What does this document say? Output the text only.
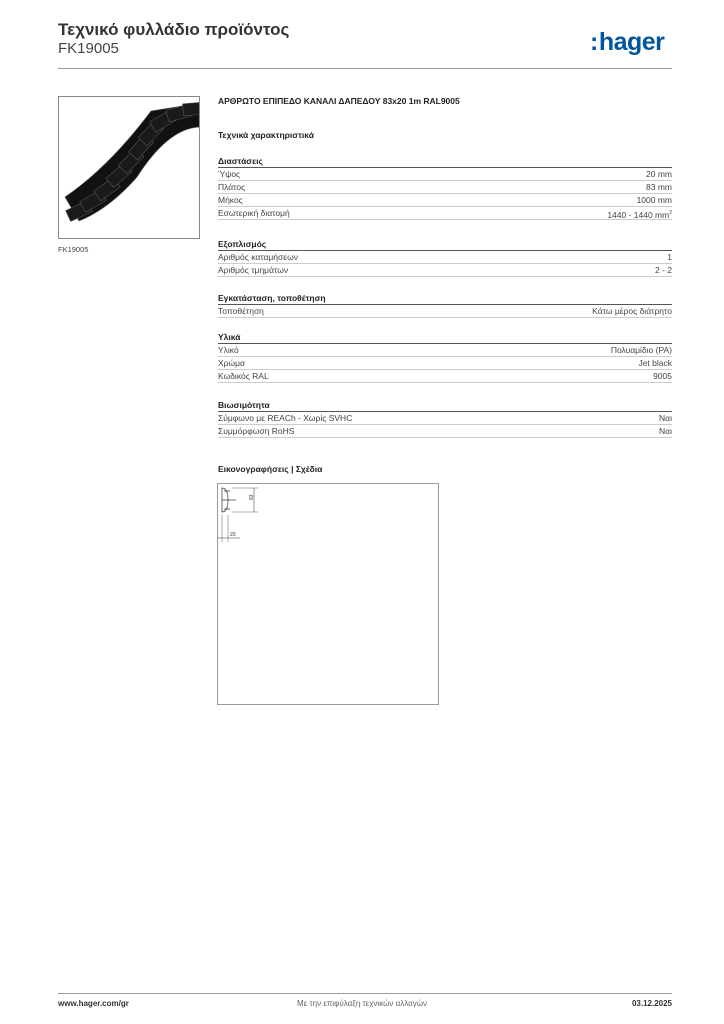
Τεχνικό φυλλάδιο προϊόντος
FK19005	:hager
FK19005
ΑΡΘΡΩΤΟ ΕΠΙΠΕΔΟ ΚΑΝΑΛΙ ΔΑΠΕΔΟΥ 83x20 1m RAL9005
Τεχνικά χαρακτηριστικά
Διαστάσεις
Ύψος	20 mm
Πλάτος	83 mm
Μήκος	1000 mm
Εσωτερική διατομή	1440 - 1440 $mm^2$
Εξοπλισμός
Αριθμός καταμήσεων	1
Αριθμός τμημάτων	2 - 2
Εγκατάσταση, τοποθέτηση
Τοποθέτηση	Κάτω μέρος διάτρητο
Υλικά
Υλικό	Πολυαμίδιο (PA)
Χρώμα	Jet black
Κωδικός RAL	9005
Βιωσιμότητα
Σύμφωνο με REACh - Χωρίς SVHC	Ναι
Συμμόρφωση RoHS	Ναι
Εικονογραφήσεις | Σχέδια
83
20
www.hager.com/gr	Με την επιφύλαξη τεχνικών αλλαγών	03.12.2025
